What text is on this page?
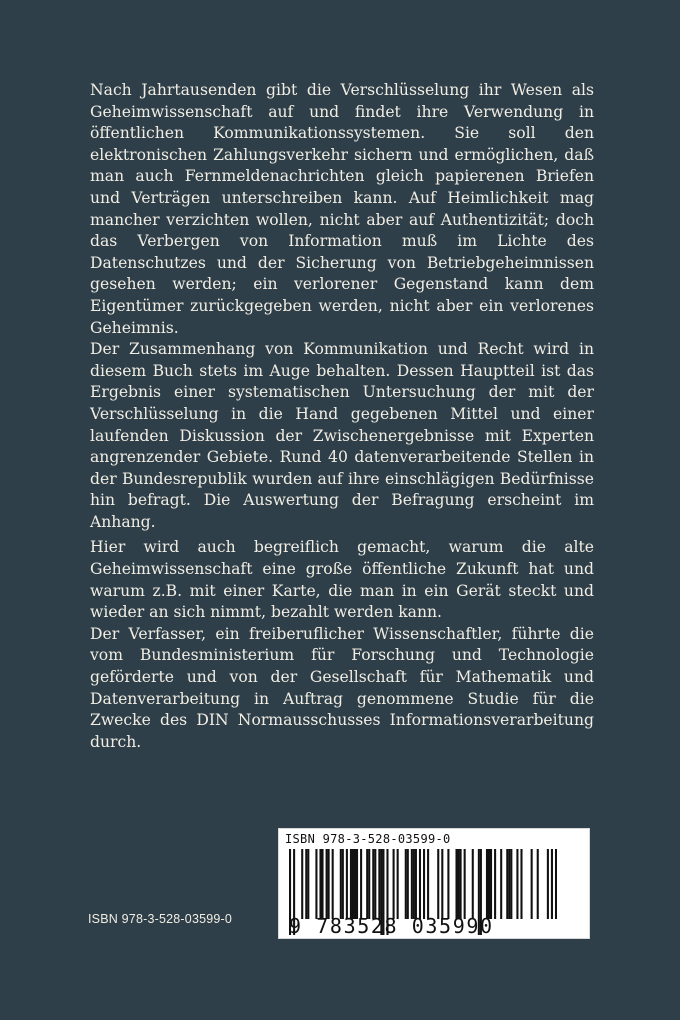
Nach Jahrtausenden gibt die Verschlüsselung ihr Wesen als Geheimwissenschaft auf und findet ihre Verwendung in öffentlichen Kommunikationssystemen. Sie soll den elektronischen Zahlungsverkehr sichern und ermöglichen, daß man auch Fernmeldenachrichten gleich papierenen Briefen und Verträgen unterschreiben kann. Auf Heimlichkeit mag mancher verzichten wollen, nicht aber auf Authentizität; doch das Verbergen von Information muß im Lichte des Datenschutzes und der Sicherung von Betriebgeheimnissen gesehen werden; ein verlorener Gegenstand kann dem Eigentümer zurückgegeben werden, nicht aber ein verlorenes Geheimnis.

Der Zusammenhang von Kommunikation und Recht wird in diesem Buch stets im Auge behalten. Dessen Hauptteil ist das Ergebnis einer systematischen Untersuchung der mit der Verschlüsselung in die Hand gegebenen Mittel und einer laufenden Diskussion der Zwischenergebnisse mit Experten angrenzender Gebiete. Rund 40 datenverarbeitende Stellen in der Bundesrepublik wurden auf ihre einschlägigen Bedürfnisse hin befragt. Die Auswertung der Befragung erscheint im Anhang.

Hier wird auch begreiflich gemacht, warum die alte Geheimwissenschaft eine große öffentliche Zukunft hat und warum z.B. mit einer Karte, die man in ein Gerät steckt und wieder an sich nimmt, bezahlt werden kann.

Der Verfasser, ein freiberuflicher Wissenschaftler, führte die vom Bundesministerium für Forschung und Technologie geförderte und von der Gesellschaft für Mathematik und Datenverarbeitung in Auftrag genommene Studie für die Zwecke des DIN Normausschusses Informationsverarbeitung durch.

ISBN 978-3-528-03599-0
ISBN 978-3-528-03599-0
9 783528 035990
